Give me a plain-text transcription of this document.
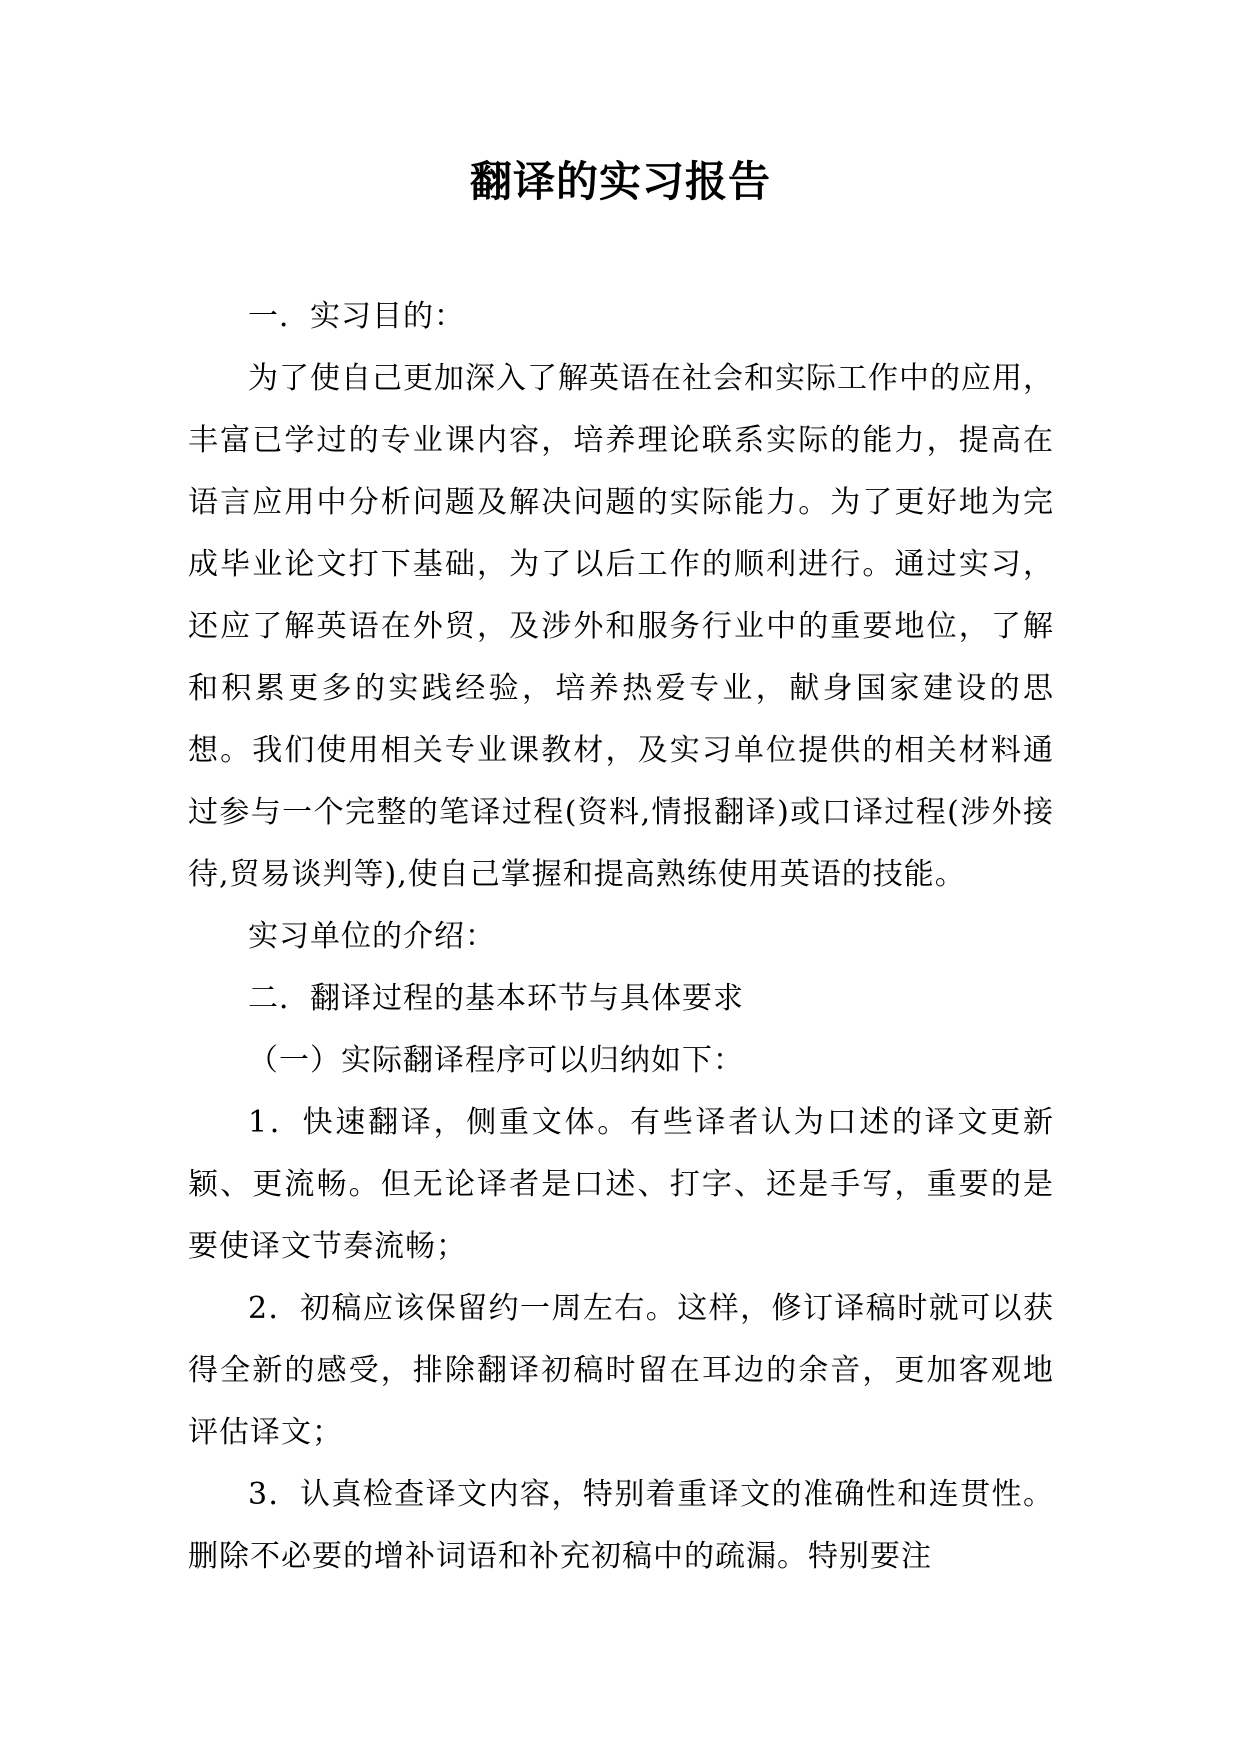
翻译的实习报告

一．实习目的：

为了使自己更加深入了解英语在社会和实际工作中的应用，丰富已学过的专业课内容，培养理论联系实际的能力，提高在语言应用中分析问题及解决问题的实际能力。为了更好地为完成毕业论文打下基础，为了以后工作的顺利进行。通过实习，还应了解英语在外贸，及涉外和服务行业中的重要地位，了解和积累更多的实践经验，培养热爱专业，献身国家建设的思想。我们使用相关专业课教材，及实习单位提供的相关材料通过参与一个完整的笔译过程(资料,情报翻译)或口译过程(涉外接待,贸易谈判等),使自己掌握和提高熟练使用英语的技能。

实习单位的介绍：

二．翻译过程的基本环节与具体要求

（一）实际翻译程序可以归纳如下：

1．快速翻译，侧重文体。有些译者认为口述的译文更新颖、更流畅。但无论译者是口述、打字、还是手写，重要的是要使译文节奏流畅；

2．初稿应该保留约一周左右。这样，修订译稿时就可以获得全新的感受，排除翻译初稿时留在耳边的余音，更加客观地评估译文；

3．认真检查译文内容，特别着重译文的准确性和连贯性。删除不必要的增补词语和补充初稿中的疏漏。特别要注
